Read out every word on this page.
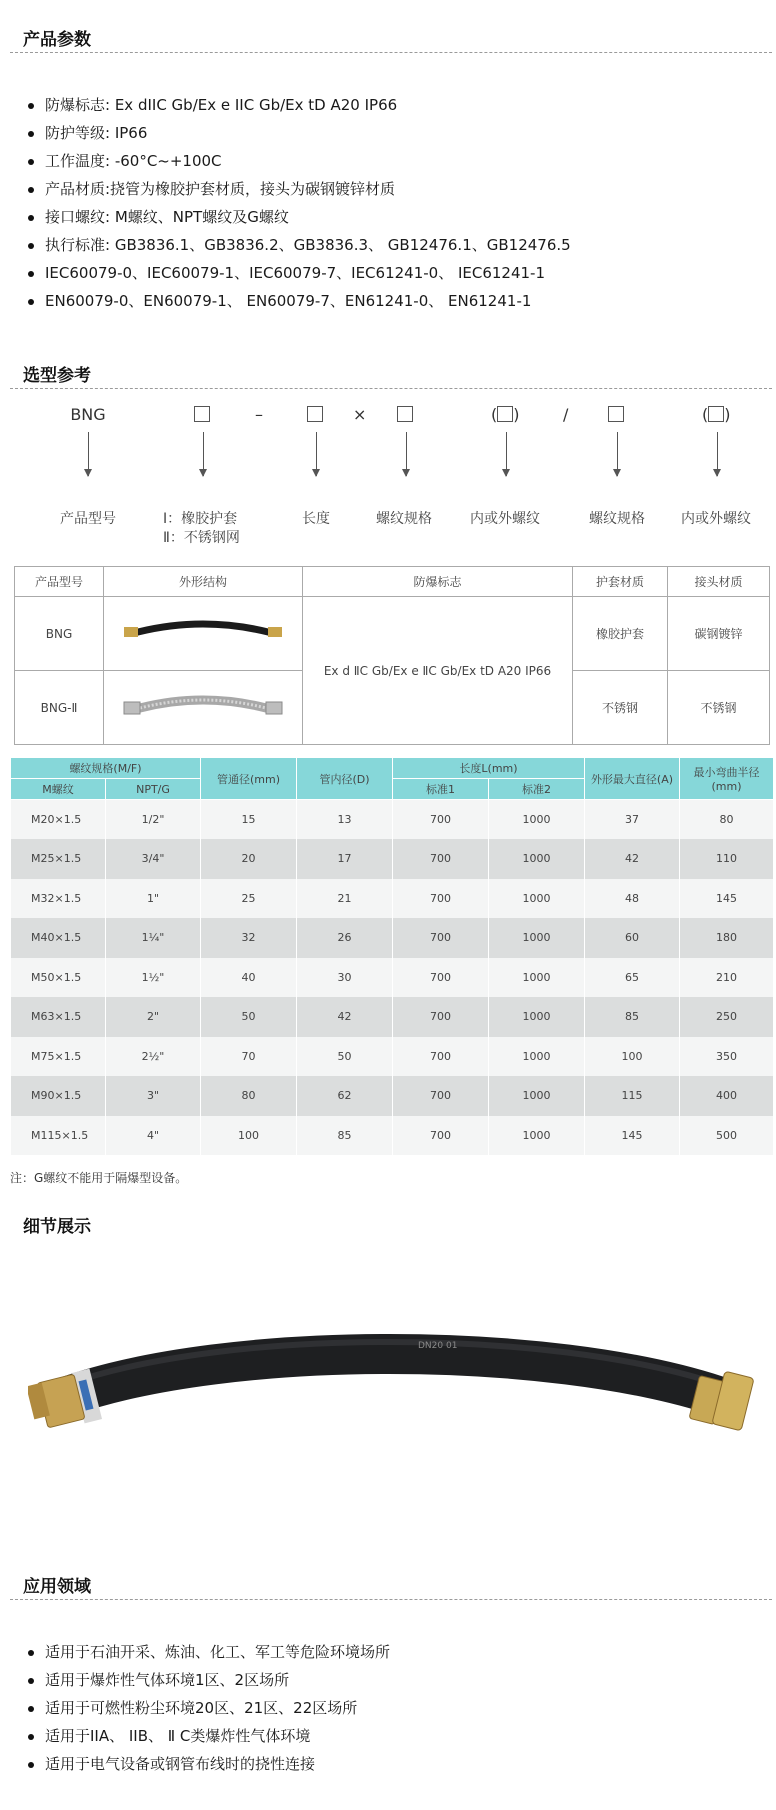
产品参数
防爆标志: Ex dIIC Gb/Ex e IIC Gb/Ex tD A20 IP66
防护等级: IP66
工作温度: -60°C~+100C
产品材质:挠管为橡胶护套材质，接头为碳钢镀锌材质
接口螺纹: M螺纹、NPT螺纹及G螺纹
执行标准: GB3836.1、GB3836.2、GB3836.3、 GB12476.1、GB12476.5
IEC60079-0、IEC60079-1、IEC60079-7、IEC61241-0、 IEC61241-1
EN60079-0、EN60079-1、 EN60079-7、EN61241-0、 EN61241-1
选型参考
BNG	–	×	( )	/	( )
产品型号	Ⅰ：橡胶护套
Ⅱ：不锈钢网
长度	螺纹规格	内或外螺纹	螺纹规格	内或外螺纹
产品型号	外形结构	防爆标志	护套材质	接头材质
BNG		Ex d ⅡC Gb/Ex e ⅡC Gb/Ex tD A20 IP66	橡胶护套	碳钢镀锌
BNG-Ⅱ			不锈钢	不锈钢
螺纹规格(M/F)		管通径(mm)	管内径(D)	长度L(mm)		外形最大直径(A)	最小弯曲半径(mm)
M螺纹	NPT/G			标准1	标准2		
M20×1.5	1/2"	15	13	700	1000	37	80
M25×1.5	3/4"	20	17	700	1000	42	110
M32×1.5	1"	25	21	700	1000	48	145
M40×1.5	1¼"	32	26	700	1000	60	180
M50×1.5	1½"	40	30	700	1000	65	210
M63×1.5	2"	50	42	700	1000	85	250
M75×1.5	2½"	70	50	700	1000	100	350
M90×1.5	3"	80	62	700	1000	115	400
M115×1.5	4"	100	85	700	1000	145	500
注：G螺纹不能用于隔爆型设备。
细节展示
DN20 01
应用领域
适用于石油开采、炼油、化工、军工等危险环境场所
适用于爆炸性气体环境1区、2区场所
适用于可燃性粉尘环境20区、21区、22区场所
适用于IIA、 IIB、 Ⅱ C类爆炸性气体环境
适用于电气设备或钢管布线时的挠性连接
